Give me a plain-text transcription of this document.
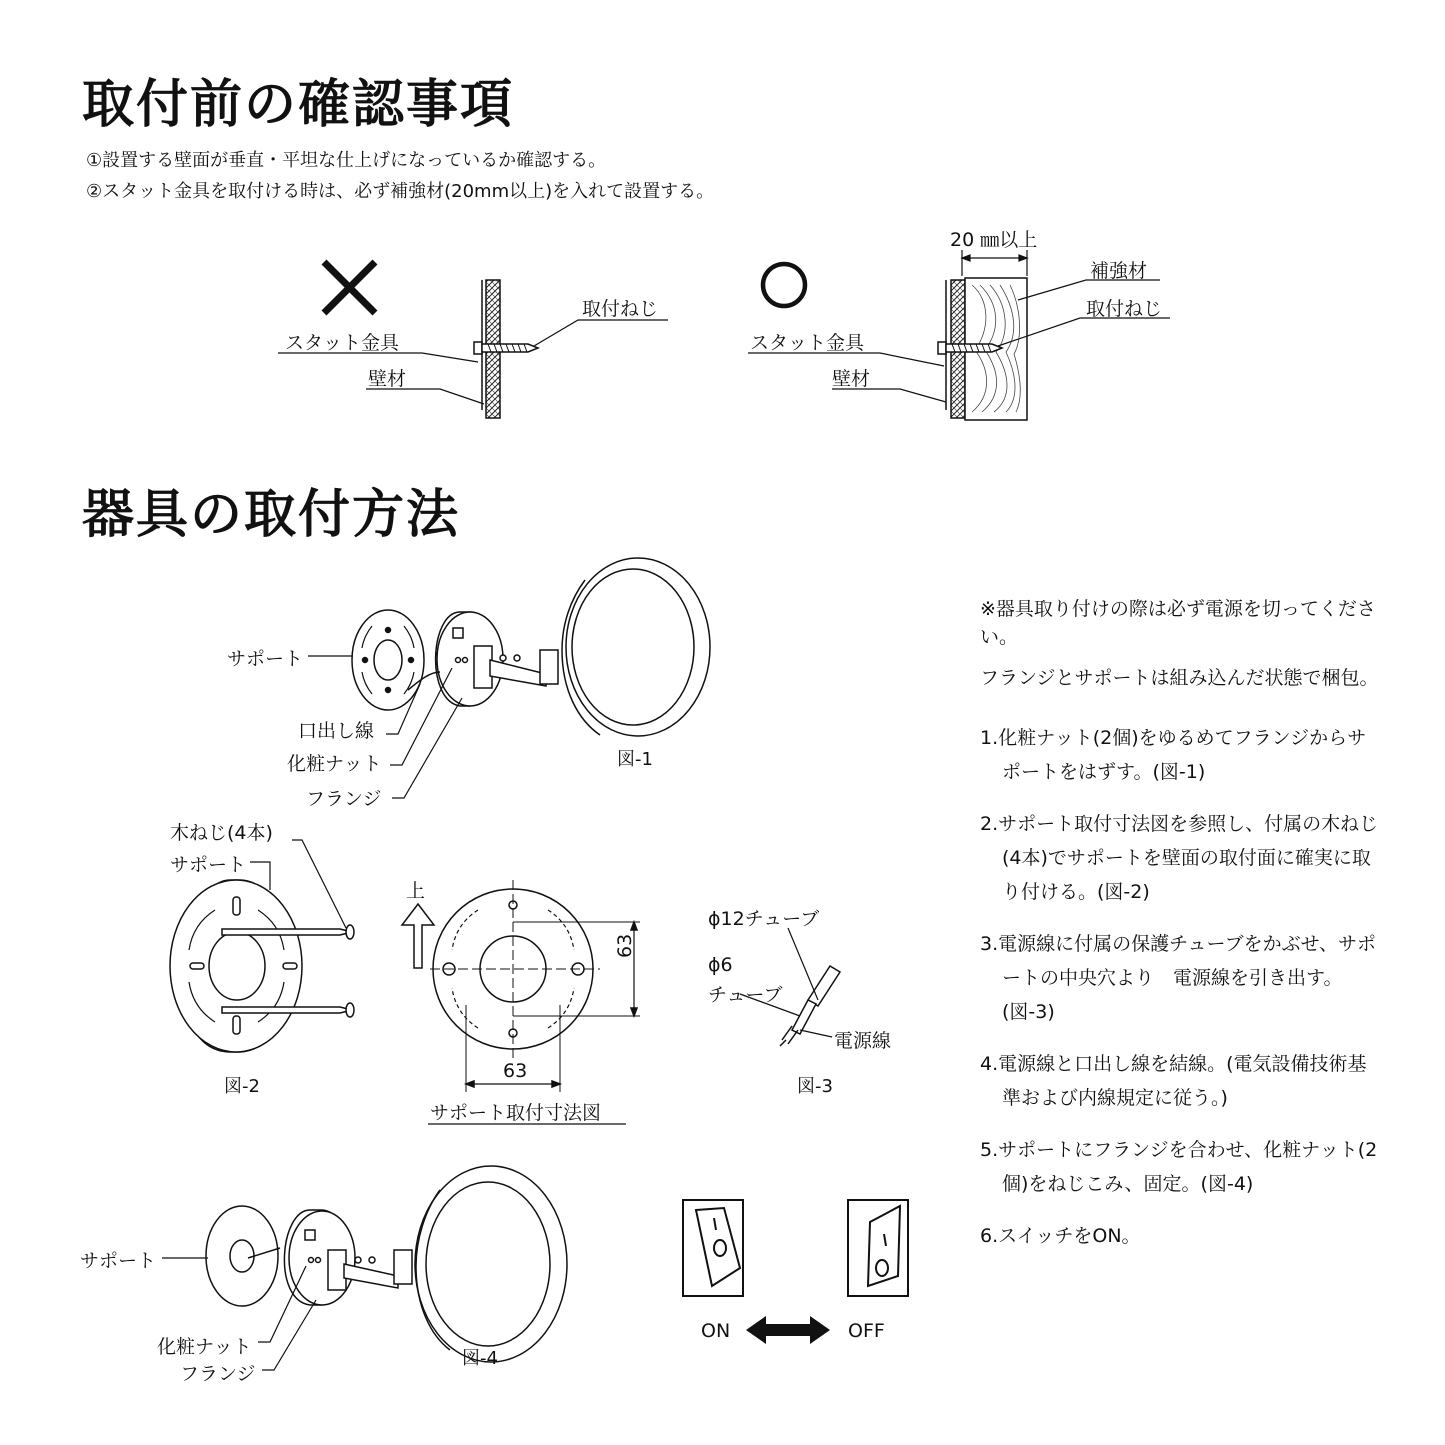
取付前の確認事項
①設置する壁面が垂直・平坦な仕上げになっているか確認する。
②スタット金具を取付ける時は、必ず補強材(20mm以上)を入れて設置する。
器具の取付方法
取付ねじ
スタット金具
壁材
20 ㎜以上
補強材
取付ねじ
スタット金具
壁材
サポート
口出し線
化粧ナット
フランジ
図-1
木ねじ(4本)
サポート
図-2
上
63
63
サポート取付寸法図
ϕ12チューブ
ϕ6
チューブ
電源線
図-3
サポート
化粧ナット
フランジ
図-4
ON	OFF

※器具取り付けの際は必ず電源を切ってください。

フランジとサポートは組み込んだ状態で梱包。

1.化粧ナット(2個)をゆるめてフランジからサポートをはずす。(図-1)

2.サポート取付寸法図を参照し、付属の木ねじ(4本)でサポートを壁面の取付面に確実に取り付ける。(図-2)

3.電源線に付属の保護チューブをかぶせ、サポートの中央穴より　電源線を引き出す。(図-3)

4.電源線と口出し線を結線。(電気設備技術基準および内線規定に従う。)

5.サポートにフランジを合わせ、化粧ナット(2個)をねじこみ、固定。(図-4)

6.スイッチをON。
